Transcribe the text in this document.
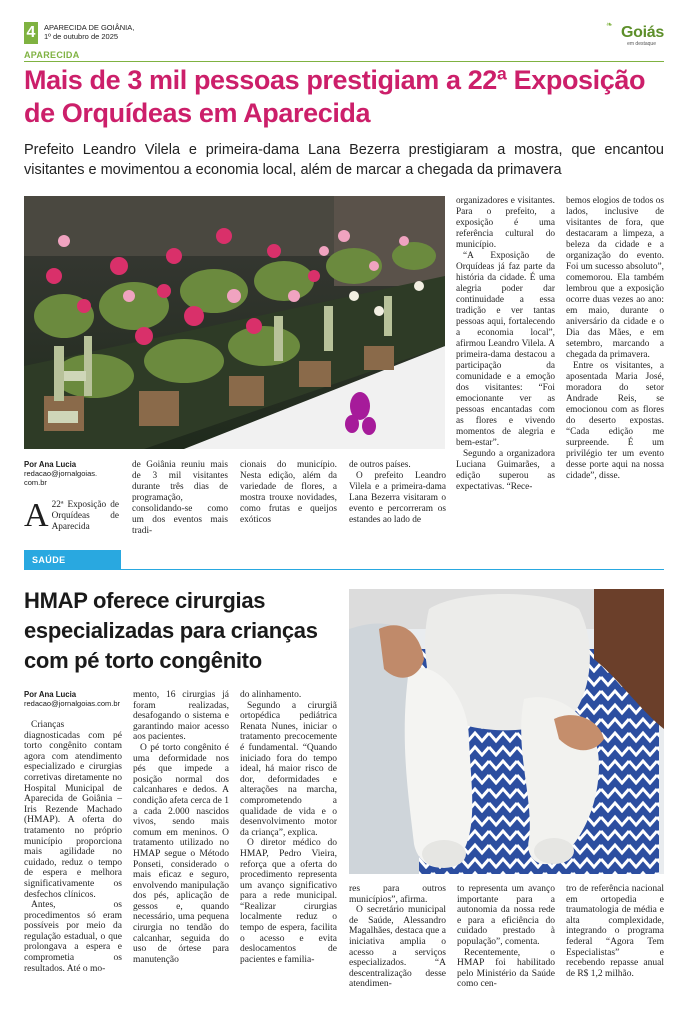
4	APARECIDA DE GOIÂNIA,
1º de outubro de 2025
❧ Goiás
em destaque
APARECIDA
Mais de 3 mil pessoas prestigiam a 22ª Exposição de Orquídeas em Aparecida

Prefeito Leandro Vilela e primeira-dama Lana Bezerra prestigiaram a mostra, que encantou visitantes e movimentou a economia local, além de marcar a chegada da primavera

Por Ana Lucia
redacao@jornalgoias.
com.br
A 22ª Exposição de Orquídeas de Aparecida

de Goiânia reuniu mais de 3 mil visitantes durante três dias de programação, consolidando-se como um dos eventos mais tradi-

cionais do município. Nesta edição, além da variedade de flores, a mostra trouxe novidades, como frutas e queijos exóticos

de outros países.

O prefeito Leandro Vilela e a primeira-dama Lana Bezerra visitaram o evento e percorreram os estandes ao lado de

organizadores e visitantes. Para o prefeito, a exposição é uma referência cultural do município.

“A Exposição de Orquídeas já faz parte da história da cidade. É uma alegria poder dar continuidade a essa tradição e ver tantas pessoas aqui, fortalecendo a economia local”, afirmou Leandro Vilela. A primeira-dama destacou a participação da comunidade e a emoção dos visitantes: “Foi emocionante ver as pessoas encantadas com as flores e vivendo momentos de alegria e bem-estar”.

Segundo a organizadora Luciana Guimarães, a edição superou as expectativas. “Rece-

bemos elogios de todos os lados, inclusive de visitantes de fora, que destacaram a limpeza, a beleza da cidade e a organização do evento. Foi um sucesso absoluto”, comemorou. Ela também lembrou que a exposição ocorre duas vezes ao ano: em maio, durante o aniversário da cidade e o Dia das Mães, e em setembro, marcando a chegada da primavera.

Entre os visitantes, a aposentada Maria José, moradora do setor Andrade Reis, se emocionou com as flores do deserto expostas. “Cada edição me surpreende. É um privilégio ter um evento desse porte aqui na nossa cidade”, disse.

SAÚDE
HMAP oferece cirurgias especializadas para crianças com pé torto congênito
Por Ana Lucia
redacao@jornalgoias.com.br

Crianças diagnosticadas com pé torto congênito contam agora com atendimento especializado e cirurgias corretivas diretamente no Hospital Municipal de Aparecida de Goiânia – Iris Rezende Machado (HMAP). A oferta do tratamento no próprio município proporciona mais agilidade no cuidado, reduz o tempo de espera e melhora significativamente os desfechos clínicos.

Antes, os procedimentos só eram possíveis por meio da regulação estadual, o que prolongava a espera e comprometia os resultados. Até o mo-

mento, 16 cirurgias já foram realizadas, desafogando o sistema e garantindo maior acesso aos pacientes.

O pé torto congênito é uma deformidade nos pés que impede a posição normal dos calcanhares e dedos. A condição afeta cerca de 1 a cada 2.000 nascidos vivos, sendo mais comum em meninos. O tratamento utilizado no HMAP segue o Método Ponseti, considerado o mais eficaz e seguro, envolvendo manipulação dos pés, aplicação de gessos e, quando necessário, uma pequena cirurgia no tendão do calcanhar, seguida do uso de órtese para manutenção

do alinhamento.

Segundo a cirurgiã ortopédica pediátrica Renata Nunes, iniciar o tratamento precocemente é fundamental. “Quando iniciado fora do tempo ideal, há maior risco de dor, deformidades e alterações na marcha, comprometendo a qualidade de vida e o desenvolvimento motor da criança”, explica.

O diretor médico do HMAP, Pedro Vieira, reforça que a oferta do procedimento representa um avanço significativo para a rede municipal. “Realizar cirurgias localmente reduz o tempo de espera, facilita o acesso e evita deslocamentos de pacientes e familia-

res para outros municípios”, afirma.

O secretário municipal de Saúde, Alessandro Magalhães, destaca que a iniciativa amplia o acesso a serviços especializados. “A descentralização desse atendimen-

to representa um avanço importante para a autonomia da nossa rede e para a eficiência do cuidado prestado à população”, comenta.

Recentemente, o HMAP foi habilitado pelo Ministério da Saúde como cen-

tro de referência nacional em ortopedia e traumatologia de média e alta complexidade, integrando o programa federal “Agora Tem Especialistas” e recebendo repasse anual de R$ 1,2 milhão.
